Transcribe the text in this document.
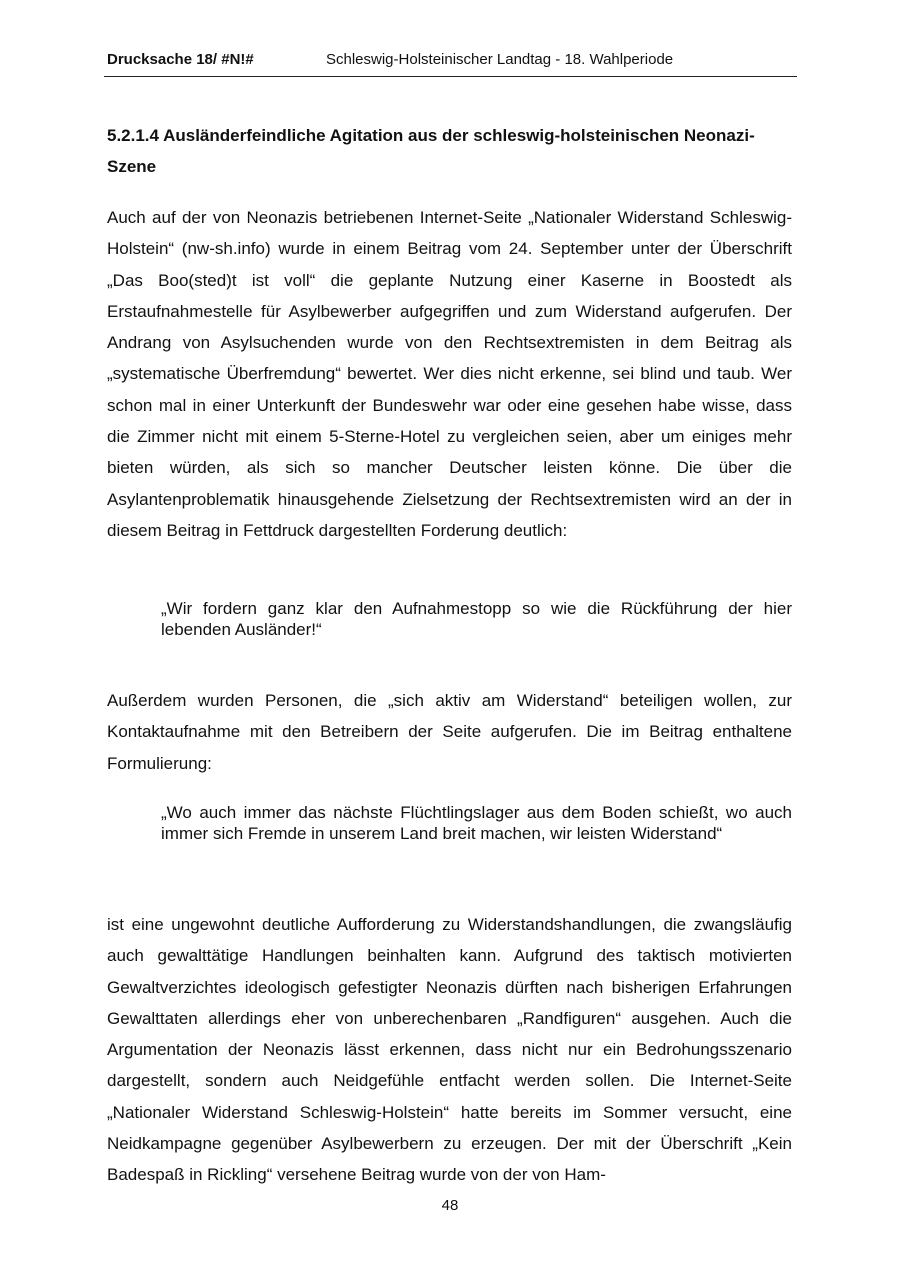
Drucksache 18/ #N!#	Schleswig-Holsteinischer Landtag - 18. Wahlperiode
5.2.1.4 Ausländerfeindliche Agitation aus der schleswig-holsteinischen Neonazi-Szene

Auch auf der von Neonazis betriebenen Internet-Seite „Nationaler Widerstand Schleswig-Holstein“ (nw-sh.info) wurde in einem Beitrag vom 24. September unter der Überschrift „Das Boo(sted)t ist voll“ die geplante Nutzung einer Kaserne in Boostedt als Erstaufnahmestelle für Asylbewerber aufgegriffen und zum Widerstand aufgerufen. Der Andrang von Asylsuchenden wurde von den Rechtsextremisten in dem Beitrag als „systematische Überfremdung“ bewertet. Wer dies nicht erkenne, sei blind und taub. Wer schon mal in einer Unterkunft der Bundeswehr war oder eine gesehen habe wisse, dass die Zimmer nicht mit einem 5-Sterne-Hotel zu vergleichen seien, aber um einiges mehr bieten würden, als sich so mancher Deutscher leisten könne. Die über die Asylantenproblematik hinausgehende Zielsetzung der Rechtsextremisten wird an der in diesem Beitrag in Fettdruck dargestellten Forderung deutlich:

„Wir fordern ganz klar den Aufnahmestopp so wie die Rückführung der hier lebenden Ausländer!“

Außerdem wurden Personen, die „sich aktiv am Widerstand“ beteiligen wollen, zur Kontaktaufnahme mit den Betreibern der Seite aufgerufen. Die im Beitrag enthaltene Formulierung:

„Wo auch immer das nächste Flüchtlingslager aus dem Boden schießt, wo auch immer sich Fremde in unserem Land breit machen, wir leisten Widerstand“

ist eine ungewohnt deutliche Aufforderung zu Widerstandshandlungen, die zwangsläufig auch gewalttätige Handlungen beinhalten kann. Aufgrund des taktisch motivierten Gewaltverzichtes ideologisch gefestigter Neonazis dürften nach bisherigen Erfahrungen Gewalttaten allerdings eher von unberechenbaren „Randfiguren“ ausgehen. Auch die Argumentation der Neonazis lässt erkennen, dass nicht nur ein Bedrohungsszenario dargestellt, sondern auch Neidgefühle entfacht werden sollen. Die Internet-Seite „Nationaler Widerstand Schleswig-Holstein“ hatte bereits im Sommer versucht, eine Neidkampagne gegenüber Asylbewerbern zu erzeugen. Der mit der Überschrift „Kein Badespaß in Rickling“ versehene Beitrag wurde von der von Ham-

48
